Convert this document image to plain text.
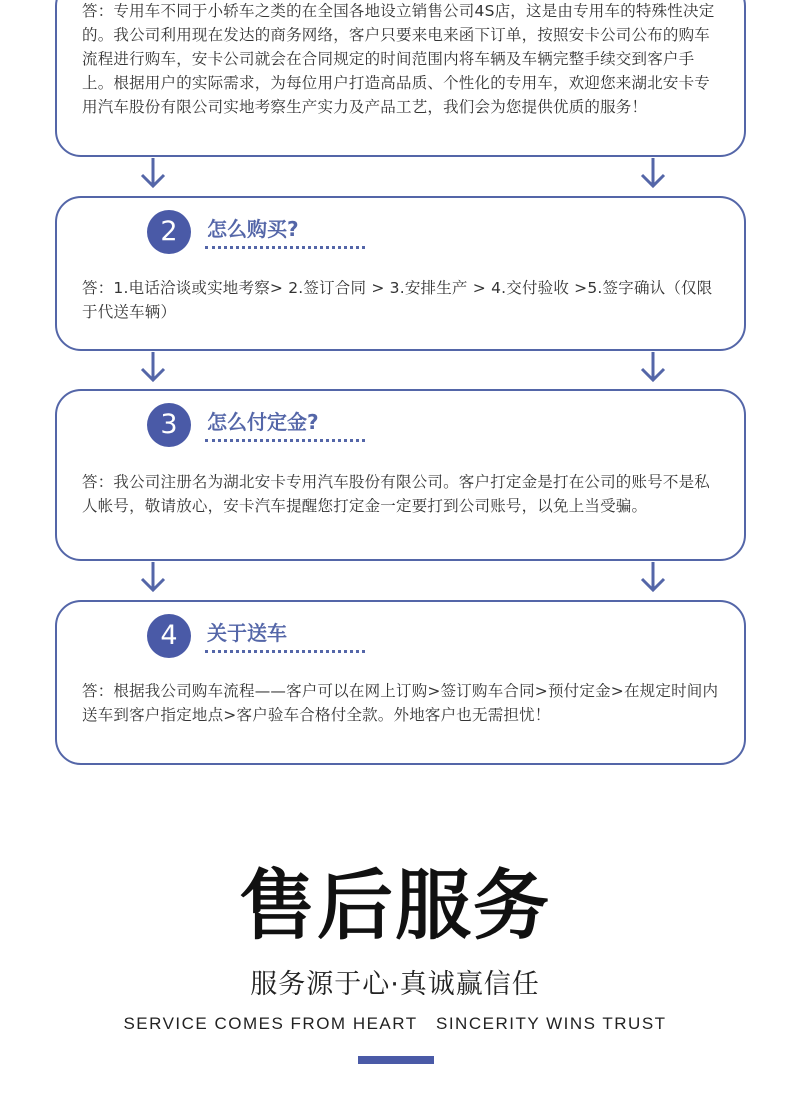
答：专用车不同于小轿车之类的在全国各地设立销售公司4S店，这是由专用车的特殊性决定的。我公司利用现在发达的商务网络，客户只要来电来函下订单，按照安卡公司公布的购车流程进行购车，安卡公司就会在合同规定的时间范围内将车辆及车辆完整手续交到客户手上。根据用户的实际需求，为每位用户打造高品质、个性化的专用车，欢迎您来湖北安卡专用汽车股份有限公司实地考察生产实力及产品工艺，我们会为您提供优质的服务！

2	怎么购买?

答：1.电话洽谈或实地考察> 2.签订合同 > 3.安排生产 > 4.交付验收 >5.签字确认（仅限于代送车辆）

3	怎么付定金?

答：我公司注册名为湖北安卡专用汽车股份有限公司。客户打定金是打在公司的账号不是私人帐号，敬请放心，安卡汽车提醒您打定金一定要打到公司账号，以免上当受骗。

4	关于送车

答：根据我公司购车流程——客户可以在网上订购>签订购车合同>预付定金>在规定时间内送车到客户指定地点>客户验车合格付全款。外地客户也无需担忧！

售后服务
服务源于心·真诚赢信任
SERVICE COMES FROM HEART   SINCERITY WINS TRUST
